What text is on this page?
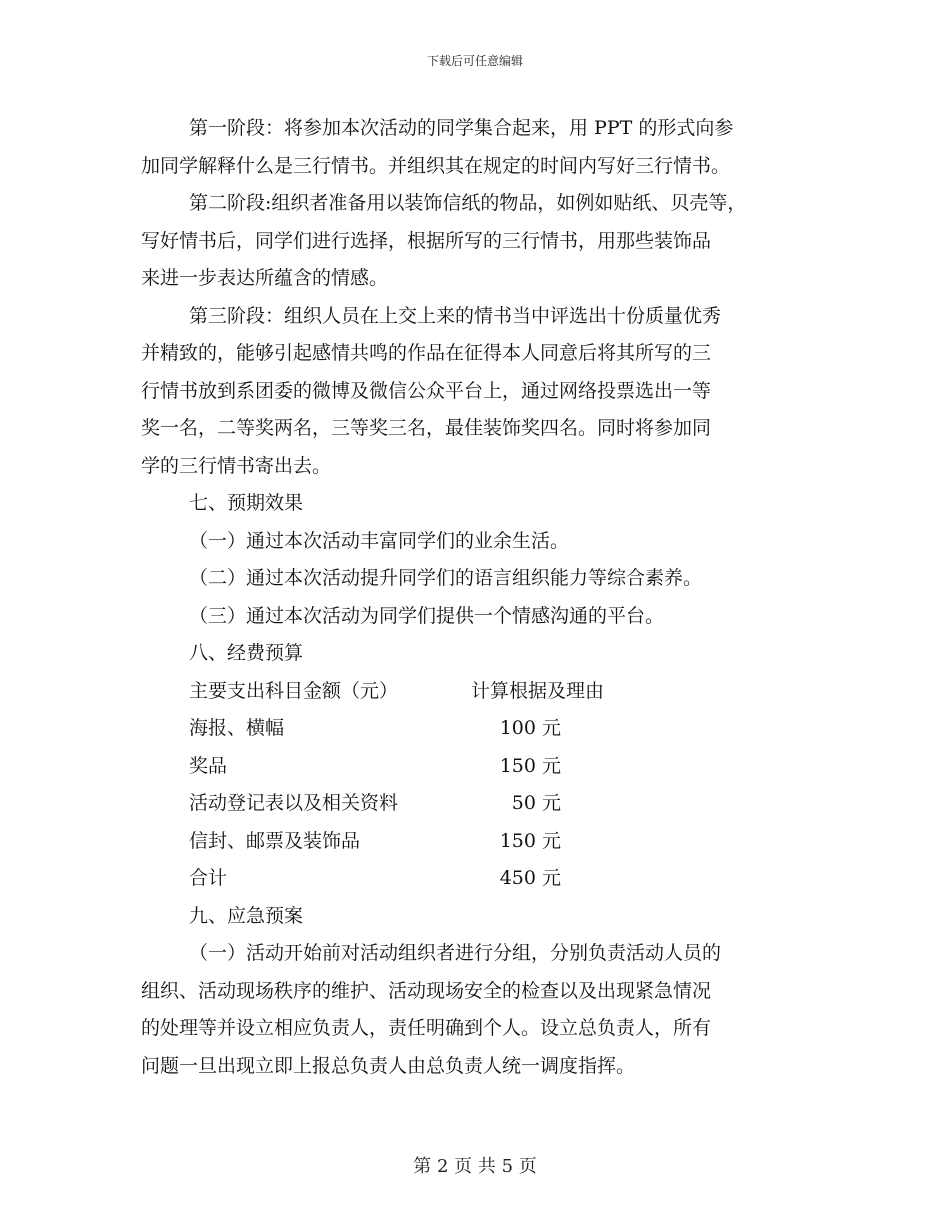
下载后可任意编辑
第一阶段：将参加本次活动的同学集合起来，用 PPT 的形式向参
加同学解释什么是三行情书。并组织其在规定的时间内写好三行情书。
第二阶段:组织者准备用以装饰信纸的物品，如例如贴纸、贝壳等，
写好情书后，同学们进行选择，根据所写的三行情书，用那些装饰品
来进一步表达所蕴含的情感。
第三阶段：组织人员在上交上来的情书当中评选出十份质量优秀
并精致的，能够引起感情共鸣的作品在征得本人同意后将其所写的三
行情书放到系团委的微博及微信公众平台上，通过网络投票选出一等
奖一名，二等奖两名，三等奖三名，最佳装饰奖四名。同时将参加同
学的三行情书寄出去。
七、预期效果
（一）通过本次活动丰富同学们的业余生活。
（二）通过本次活动提升同学们的语言组织能力等综合素养。
（三）通过本次活动为同学们提供一个情感沟通的平台。
八、经费预算
主要支出科目金额（元）	计算根据及理由
海报、横幅	100 元
奖品	150 元
活动登记表以及相关资料	50 元
信封、邮票及装饰品	150 元
合计	450 元
九、应急预案
（一）活动开始前对活动组织者进行分组，分别负责活动人员的
组织、活动现场秩序的维护、活动现场安全的检查以及出现紧急情况
的处理等并设立相应负责人，责任明确到个人。设立总负责人，所有
问题一旦出现立即上报总负责人由总负责人统一调度指挥。
第 2 页 共 5 页
